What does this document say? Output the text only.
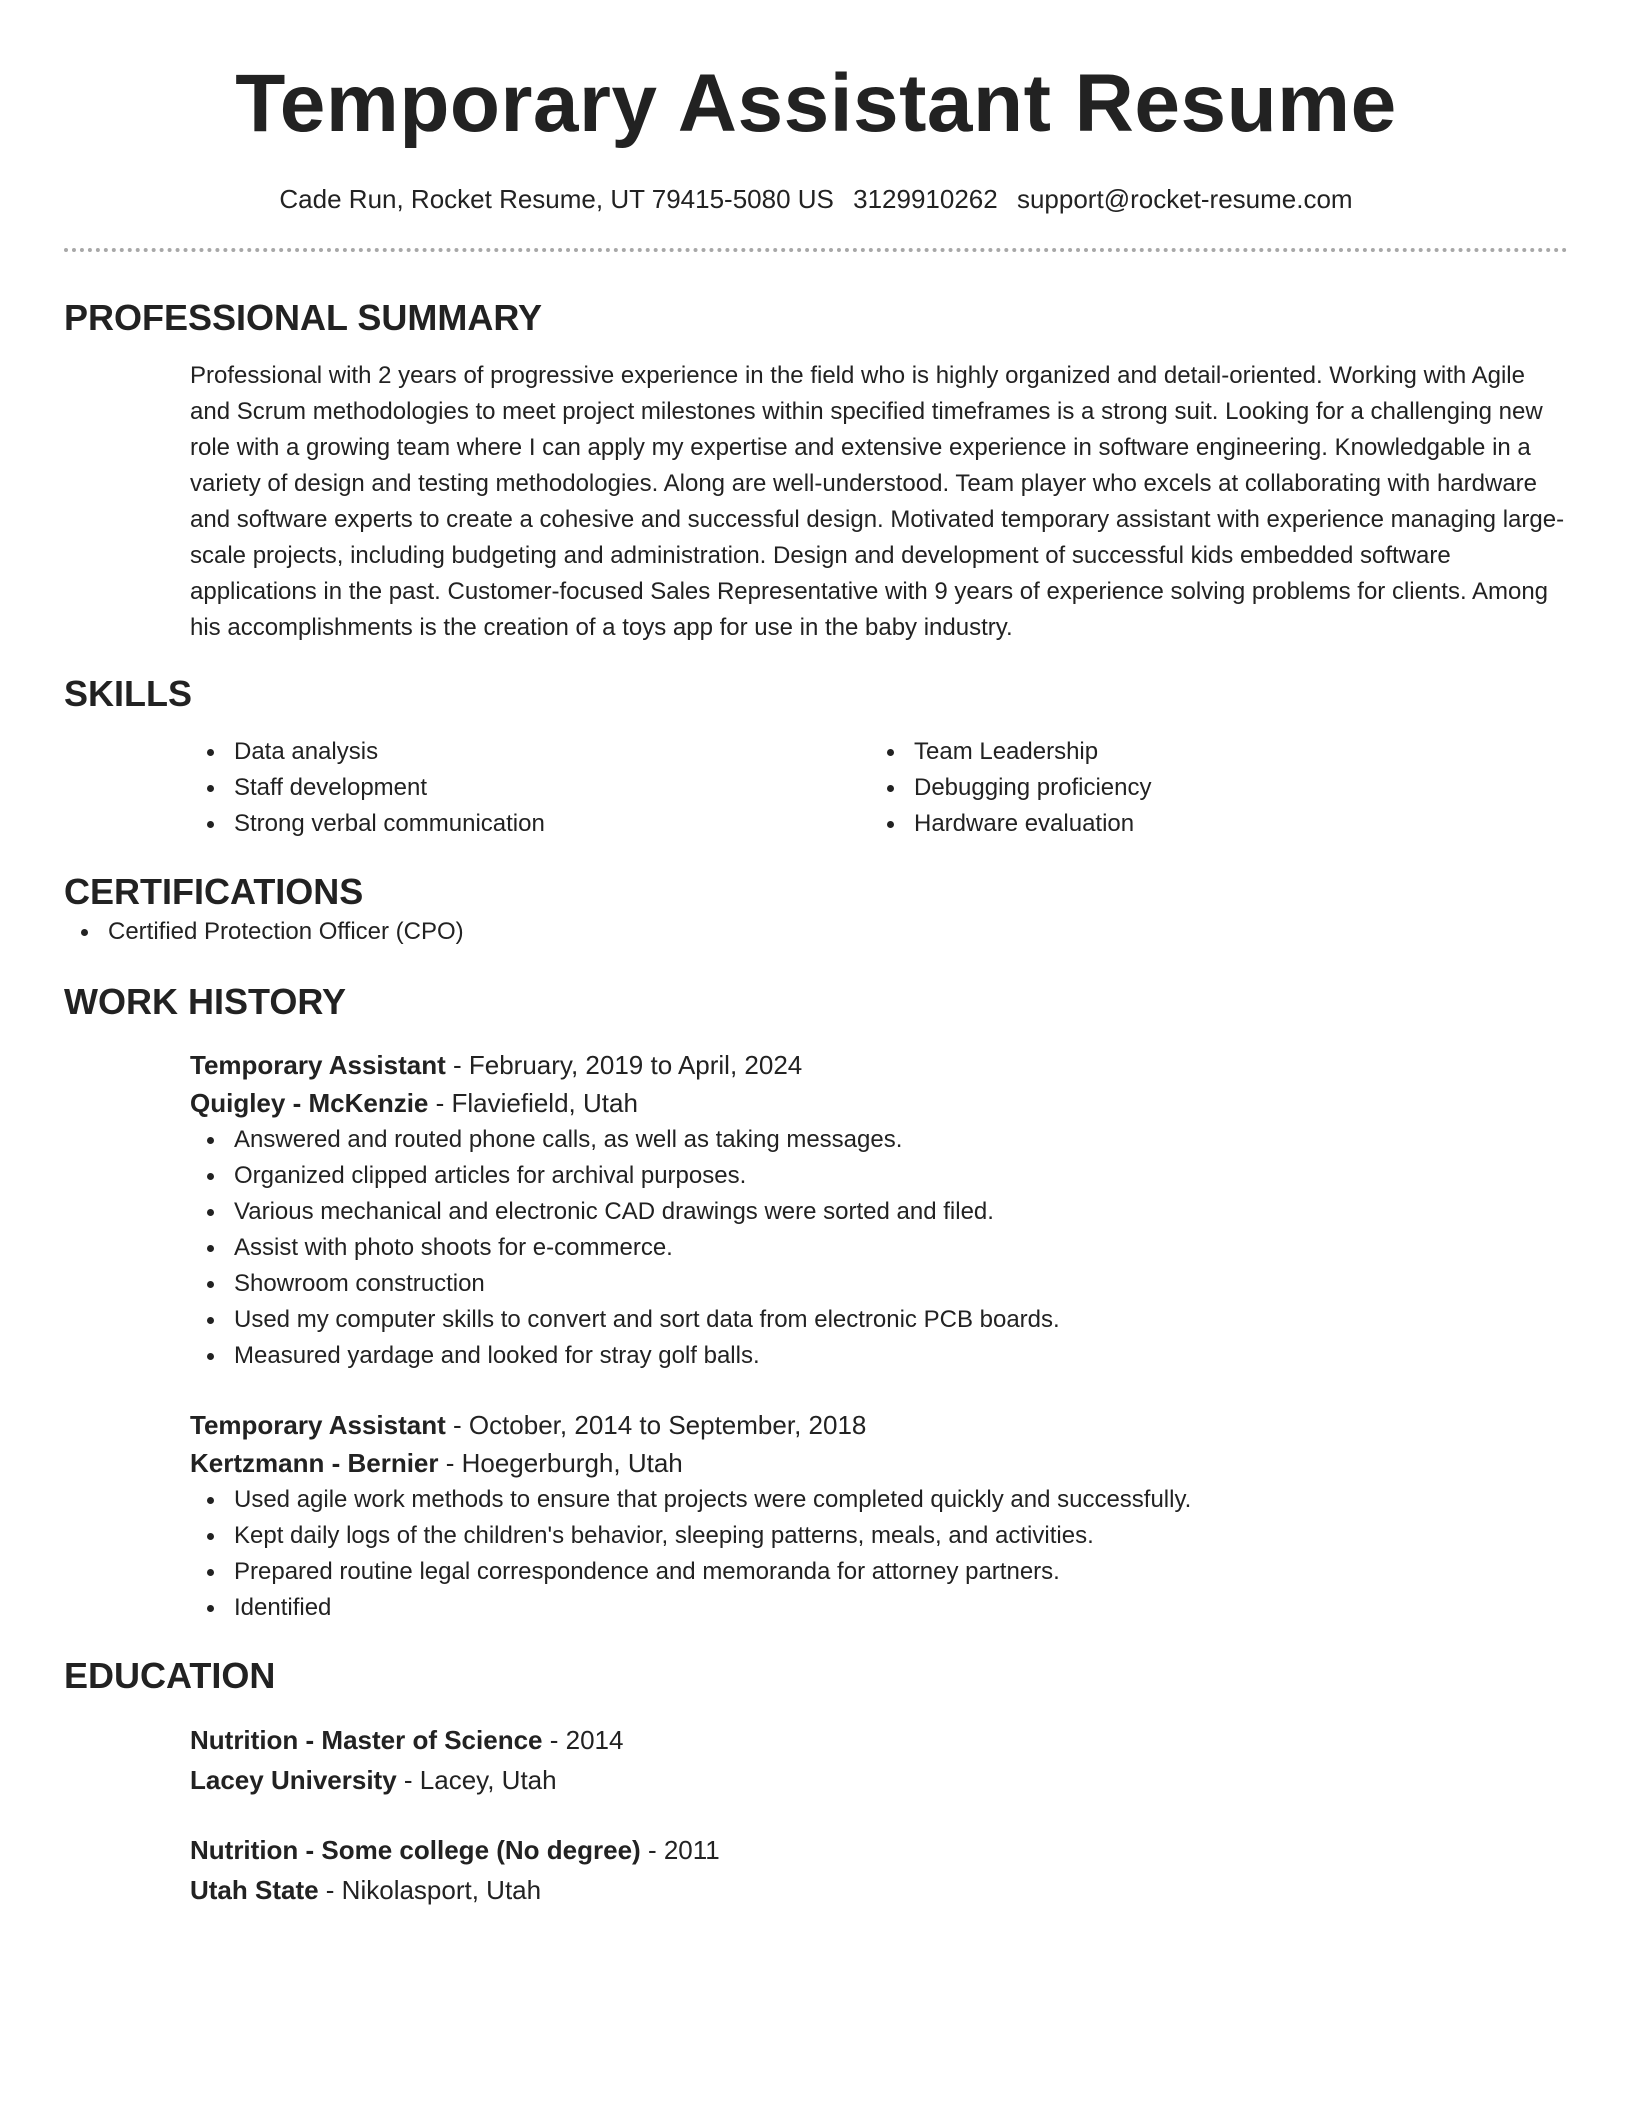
Temporary Assistant Resume
Cade Run, Rocket Resume, UT 79415-5080 US 3129910262 support@rocket-resume.com
PROFESSIONAL SUMMARY

Professional with 2 years of progressive experience in the field who is highly organized and detail-oriented. Working with Agile and Scrum methodologies to meet project milestones within specified timeframes is a strong suit. Looking for a challenging new role with a growing team where I can apply my expertise and extensive experience in software engineering. Knowledgable in a variety of design and testing methodologies. Along are well-understood. Team player who excels at collaborating with hardware and software experts to create a cohesive and successful design. Motivated temporary assistant with experience managing large-scale projects, including budgeting and administration. Design and development of successful kids embedded software applications in the past. Customer-focused Sales Representative with 9 years of experience solving problems for clients. Among his accomplishments is the creation of a toys app for use in the baby industry.

SKILLS
Data analysis
Staff development
Strong verbal communication
Team Leadership
Debugging proficiency
Hardware evaluation
CERTIFICATIONS
Certified Protection Officer (CPO)
WORK HISTORY
Temporary Assistant - February, 2019 to April, 2024
Quigley - McKenzie - Flaviefield, Utah
Answered and routed phone calls, as well as taking messages.
Organized clipped articles for archival purposes.
Various mechanical and electronic CAD drawings were sorted and filed.
Assist with photo shoots for e-commerce.
Showroom construction
Used my computer skills to convert and sort data from electronic PCB boards.
Measured yardage and looked for stray golf balls.
Temporary Assistant - October, 2014 to September, 2018
Kertzmann - Bernier - Hoegerburgh, Utah
Used agile work methods to ensure that projects were completed quickly and successfully.
Kept daily logs of the children's behavior, sleeping patterns, meals, and activities.
Prepared routine legal correspondence and memoranda for attorney partners.
Identified
EDUCATION
Nutrition - Master of Science - 2014
Lacey University - Lacey, Utah
Nutrition - Some college (No degree) - 2011
Utah State - Nikolasport, Utah
